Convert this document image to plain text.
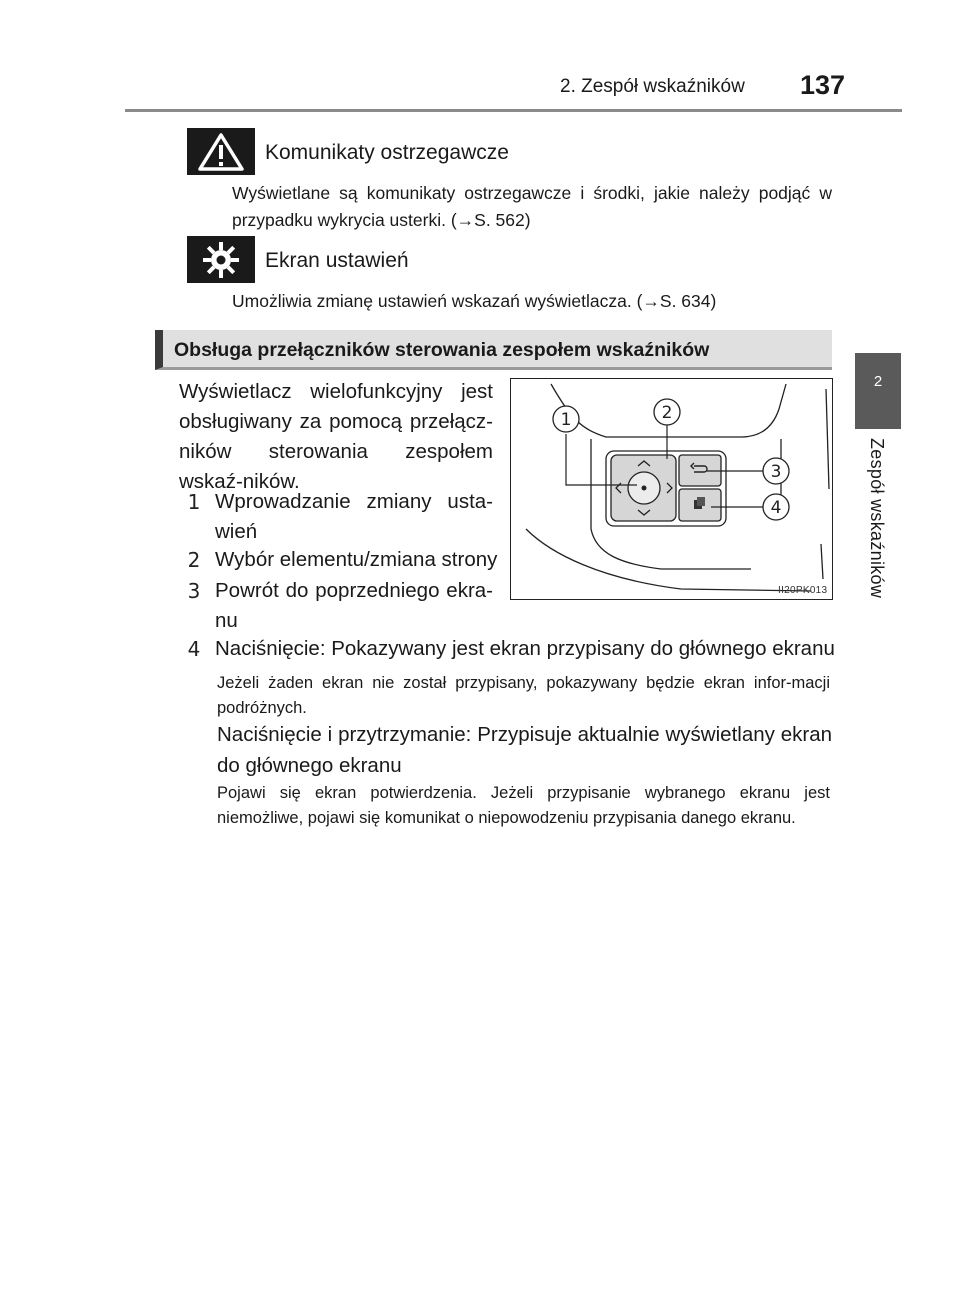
2. Zespół wskaźników 137
2
Zespół wskaźników
Komunikaty ostrzegawcze
Wyświetlane są komunikaty ostrzegawcze i środki, jakie należy podjąć w przypadku wykrycia usterki. (→S. 562)
Ekran ustawień
Umożliwia zmianę ustawień wskazań wyświetlacza. (→S. 634)
Obsługa przełączników sterowania zespołem wskaźników
Wyświetlacz wielofunkcyjny jest obsługiwany za pomocą przełącz-ników sterowania zespołem wskaź-ników.
1 Wprowadzanie zmiany usta-wień
2 Wybór elementu/zmiana strony
3 Powrót do poprzedniego ekra-nu
4 Naciśnięcie: Pokazywany jest ekran przypisany do głównego ekranu
Jeżeli żaden ekran nie został przypisany, pokazywany będzie ekran infor-macji podróżnych.
Naciśnięcie i przytrzymanie: Przypisuje aktualnie wyświetlany ekran do głównego ekranu
Pojawi się ekran potwierdzenia. Jeżeli przypisanie wybranego ekranu jest niemożliwe, pojawi się komunikat o niepowodzeniu przypisania danego ekranu.
1	2
3
4
II20PK013
